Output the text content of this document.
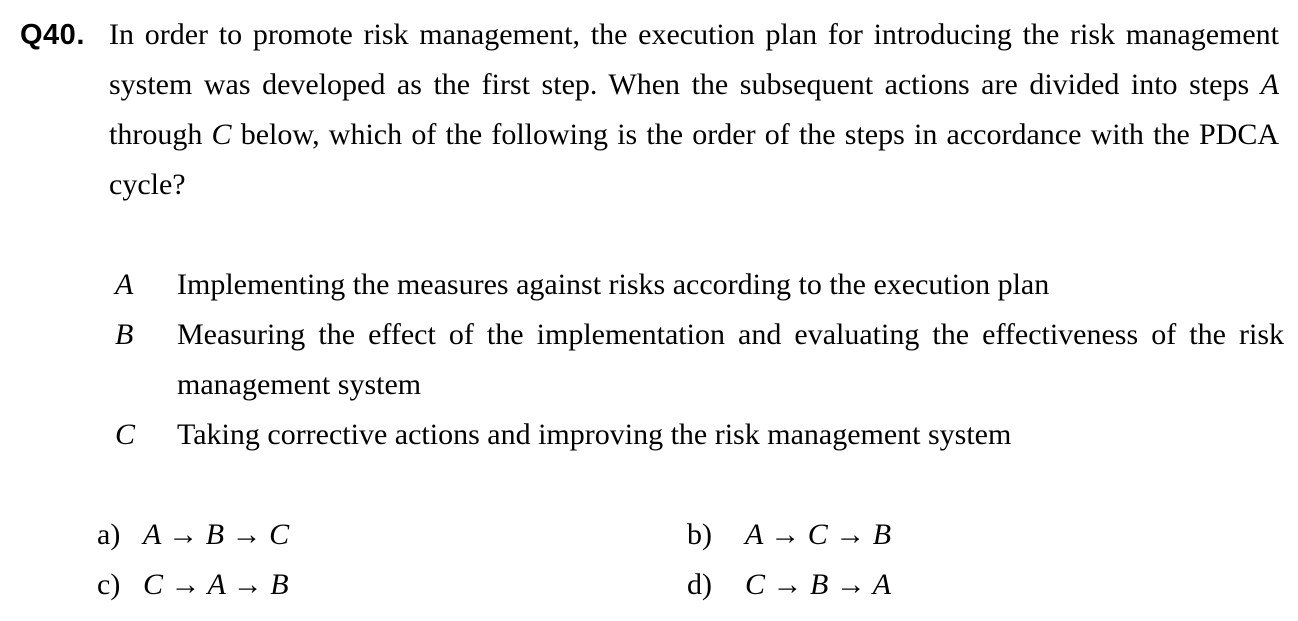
Q40. In order to promote risk management, the execution plan for introducing the risk management system was developed as the first step. When the subsequent actions are divided into steps A through C below, which of the following is the order of the steps in accordance with the PDCA cycle?

A	Implementing the measures against risks according to the execution plan
B	Measuring the effect of the implementation and evaluating the effectiveness of the risk management system
C	Taking corrective actions and improving the risk management system
a) A → B → C	b) A → C → B
c) C → A → B	d) C → B → A
